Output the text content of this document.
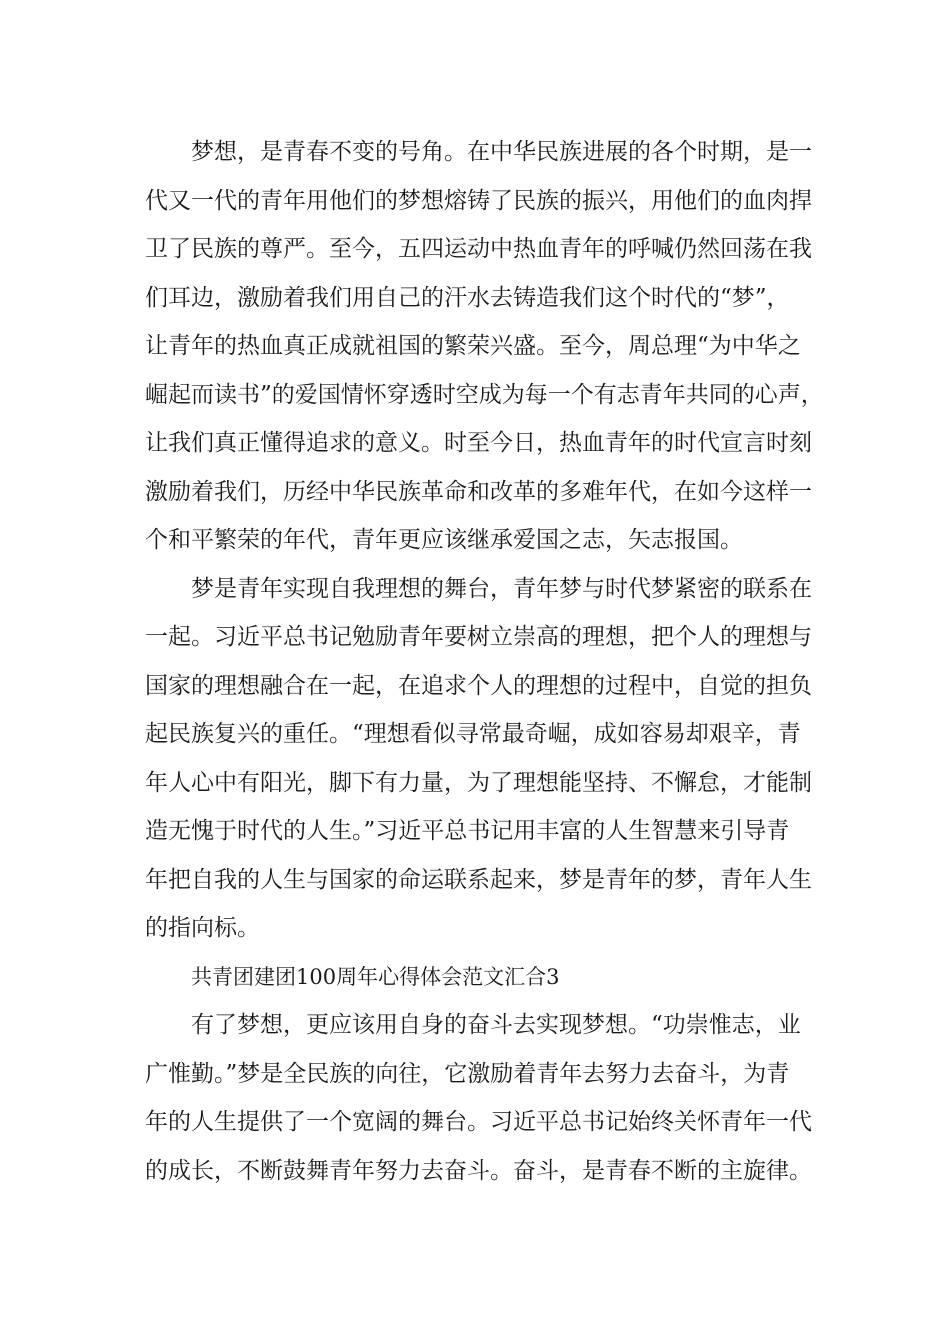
梦想，是青春不变的号角。在中华民族进展的各个时期，是一
代又一代的青年用他们的梦想熔铸了民族的振兴，用他们的血肉捍
卫了民族的尊严。至今，五四运动中热血青年的呼喊仍然回荡在我
们耳边，激励着我们用自己的汗水去铸造我们这个时代的“梦”，
让青年的热血真正成就祖国的繁荣兴盛。至今，周总理“为中华之
崛起而读书”的爱国情怀穿透时空成为每一个有志青年共同的心声，
让我们真正懂得追求的意义。时至今日，热血青年的时代宣言时刻
激励着我们，历经中华民族革命和改革的多难年代，在如今这样一
个和平繁荣的年代，青年更应该继承爱国之志，矢志报国。
梦是青年实现自我理想的舞台，青年梦与时代梦紧密的联系在
一起。习近平总书记勉励青年要树立崇高的理想，把个人的理想与
国家的理想融合在一起，在追求个人的理想的过程中，自觉的担负
起民族复兴的重任。“理想看似寻常最奇崛，成如容易却艰辛，青
年人心中有阳光，脚下有力量，为了理想能坚持、不懈怠，才能制
造无愧于时代的人生。”习近平总书记用丰富的人生智慧来引导青
年把自我的人生与国家的命运联系起来，梦是青年的梦，青年人生
的指向标。
共青团建团100周年心得体会范文汇合3
有了梦想，更应该用自身的奋斗去实现梦想。“功崇惟志，业
广惟勤。”梦是全民族的向往，它激励着青年去努力去奋斗，为青
年的人生提供了一个宽阔的舞台。习近平总书记始终关怀青年一代
的成长，不断鼓舞青年努力去奋斗。奋斗，是青春不断的主旋律。
